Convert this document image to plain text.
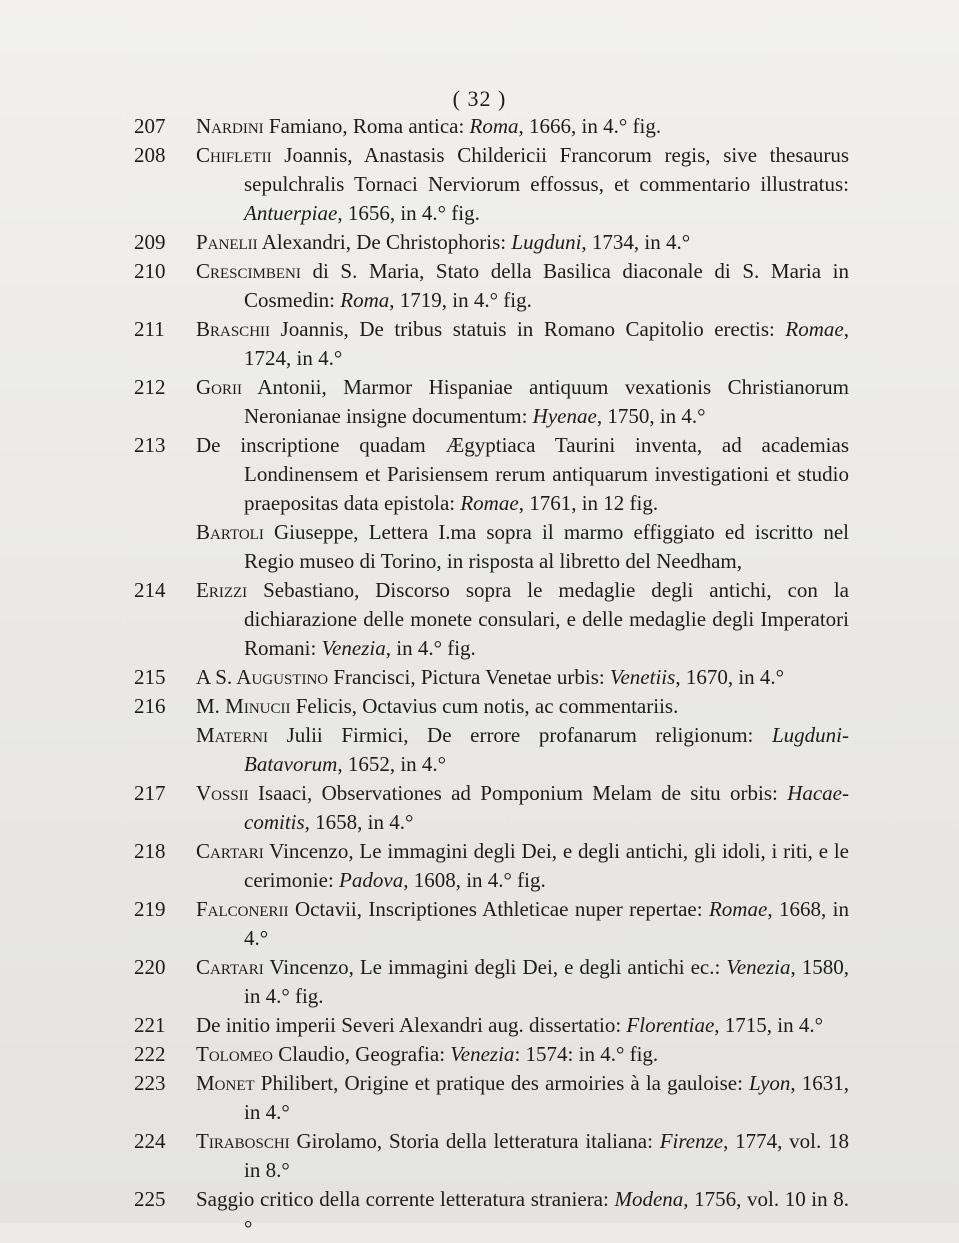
( 32 )
207 Nardini Famiano, Roma antica: Roma, 1666, in 4.° fig.
208 Chifletii Joannis, Anastasis Childericii Francorum regis, sive thesaurus sepulchralis Tornaci Nerviorum effossus, et commentario illustratus: Antuerpiae, 1656, in 4.° fig.
209 Panelii Alexandri, De Christophoris: Lugduni, 1734, in 4.°
210 Crescimbeni di S. Maria, Stato della Basilica diaconale di S. Maria in Cosmedin: Roma, 1719, in 4.° fig.
211 Braschii Joannis, De tribus statuis in Romano Capitolio erectis: Romae, 1724, in 4.°
212 Gorii Antonii, Marmor Hispaniae antiquum vexationis Christianorum Neronianae insigne documentum: Hyenae, 1750, in 4.°
213 De inscriptione quadam Ægyptiaca Taurini inventa, ad academias Londinensem et Parisiensem rerum antiquarum investigationi et studio praepositas data epistola: Romae, 1761, in 12 fig.
Bartoli Giuseppe, Lettera I.ma sopra il marmo effiggiato ed iscritto nel Regio museo di Torino, in risposta al libretto del Needham,
214 Erizzi Sebastiano, Discorso sopra le medaglie degli antichi, con la dichiarazione delle monete consulari, e delle medaglie degli Imperatori Romani: Venezia, in 4.° fig.
215 A S. Augustino Francisci, Pictura Venetae urbis: Venetiis, 1670, in 4.°
216 M. Minucii Felicis, Octavius cum notis, ac commentariis.
Materni Julii Firmici, De errore profanarum religionum: Lugduni-Batavorum, 1652, in 4.°
217 Vossii Isaaci, Observationes ad Pomponium Melam de situ orbis: Hacae-comitis, 1658, in 4.°
218 Cartari Vincenzo, Le immagini degli Dei, e degli antichi, gli idoli, i riti, e le cerimonie: Padova, 1608, in 4.° fig.
219 Falconerii Octavii, Inscriptiones Athleticae nuper repertae: Romae, 1668, in 4.°
220 Cartari Vincenzo, Le immagini degli Dei, e degli antichi ec.: Venezia, 1580, in 4.° fig.
221 De initio imperii Severi Alexandri aug. dissertatio: Florentiae, 1715, in 4.°
222 Tolomeo Claudio, Geografia: Venezia: 1574: in 4.° fig.
223 Monet Philibert, Origine et pratique des armoiries à la gauloise: Lyon, 1631, in 4.°
224 Tiraboschi Girolamo, Storia della letteratura italiana: Firenze, 1774, vol. 18 in 8.°
225 Saggio critico della corrente letteratura straniera: Modena, 1756, vol. 10 in 8.°
